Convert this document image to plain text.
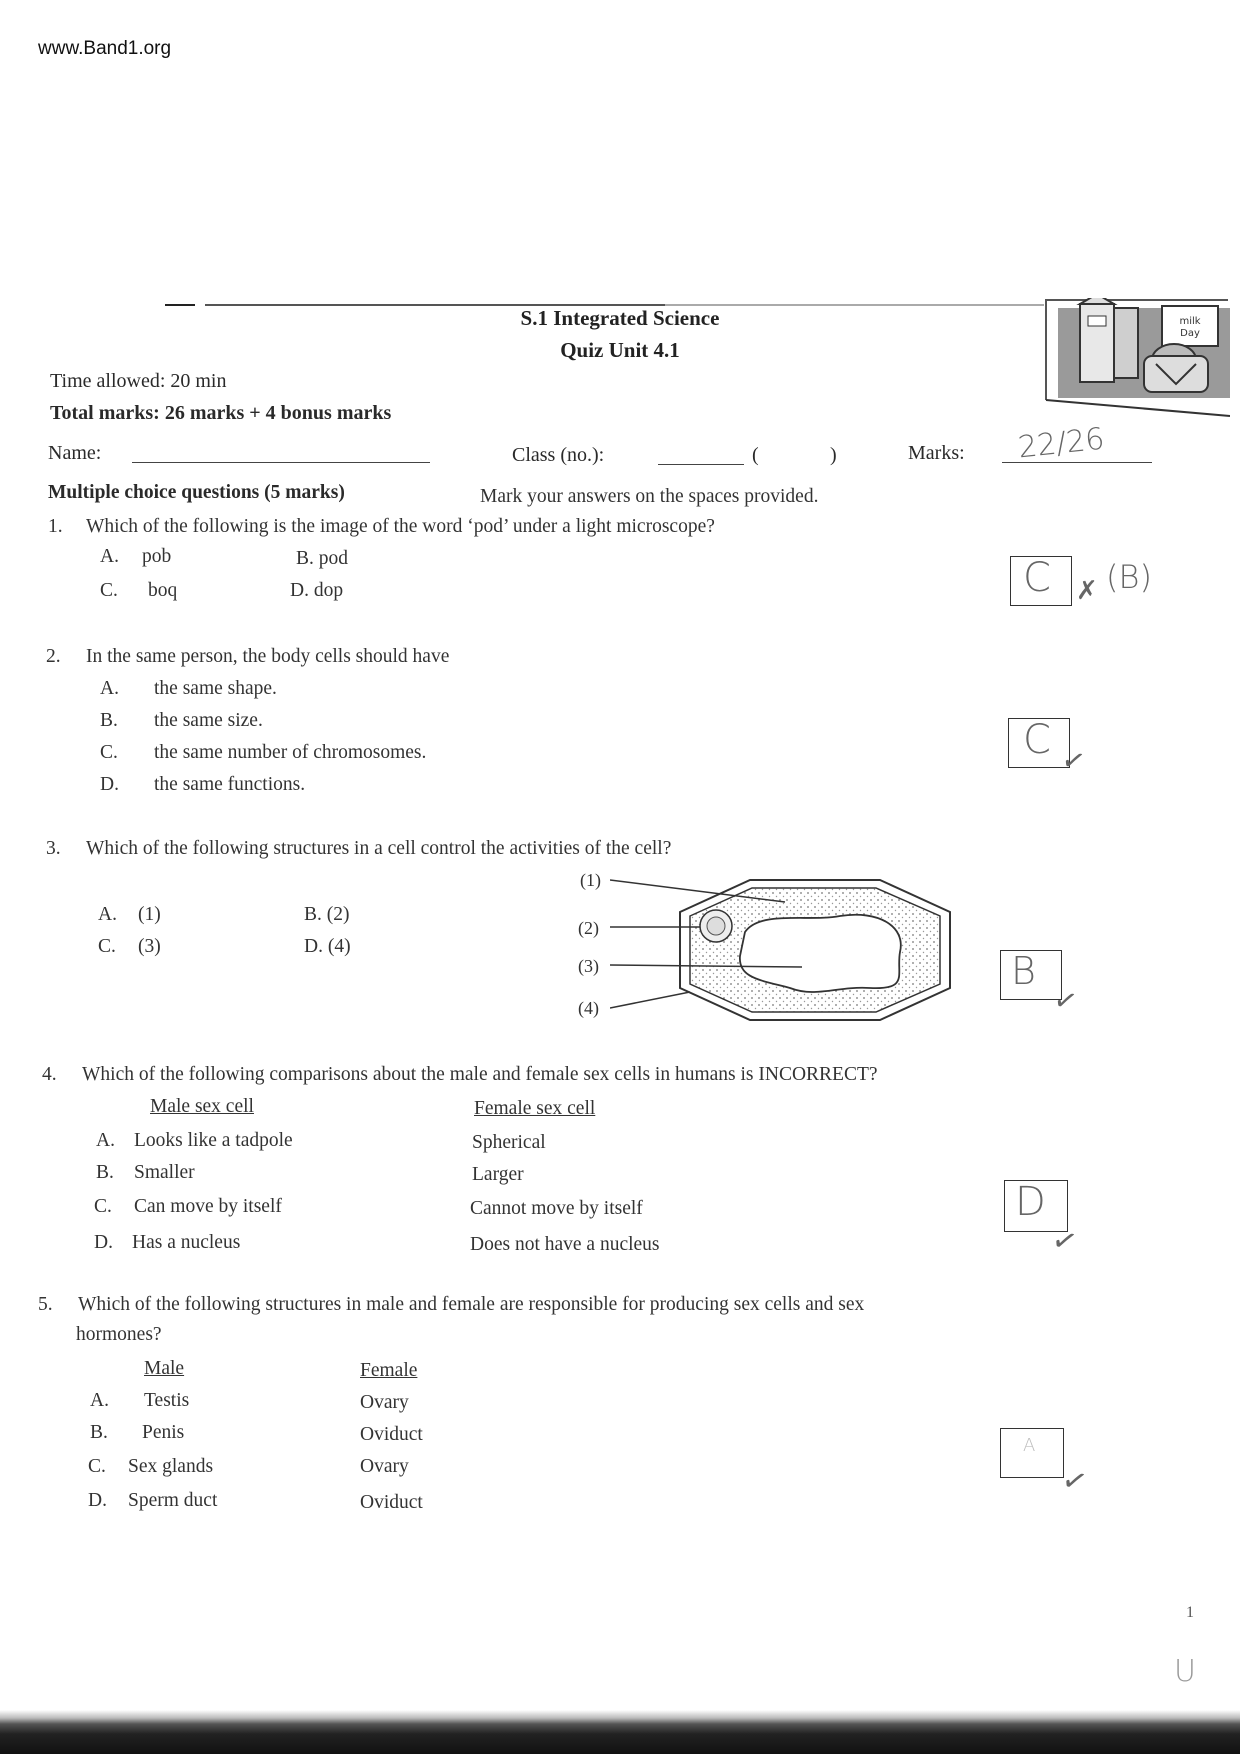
www.Band1.org
milk
Day
S.1 Integrated Science
Quiz Unit 4.1
Time allowed: 20 min
Total marks: 26 marks + 4 bonus marks
Name:	Class (no.):	(	)	Marks: 22/26
Multiple choice questions (5 marks)	Mark your answers on the spaces provided.
1. Which of the following is the image of the word ‘pod’ under a light microscope?
A. pob	B. pod
C. boq	D. dop	C ✗ (B)
2. In the same person, the body cells should have
A. the same shape.
B. the same size.
C. the same number of chromosomes.
D. the same functions.
C ✓
3. Which of the following structures in a cell control the activities of the cell?
A. (1)	B. (2)
C. (3)	D. (4)
(1)
(2)
(3)
(4)
B
✓
4. Which of the following comparisons about the male and female sex cells in humans is INCORRECT?
Male sex cell	Female sex cell
A. Looks like a tadpole	Spherical
B. Smaller	Larger
C. Can move by itself	Cannot move by itself
D. Has a nucleus	Does not have a nucleus
D
✓
5. Which of the following structures in male and female are responsible for producing sex cells and sex
hormones?
Male	Female
A. Testis	Ovary
B. Penis	Oviduct
C. Sex glands	Ovary
D. Sperm duct	Oviduct
A
✓
1
U
